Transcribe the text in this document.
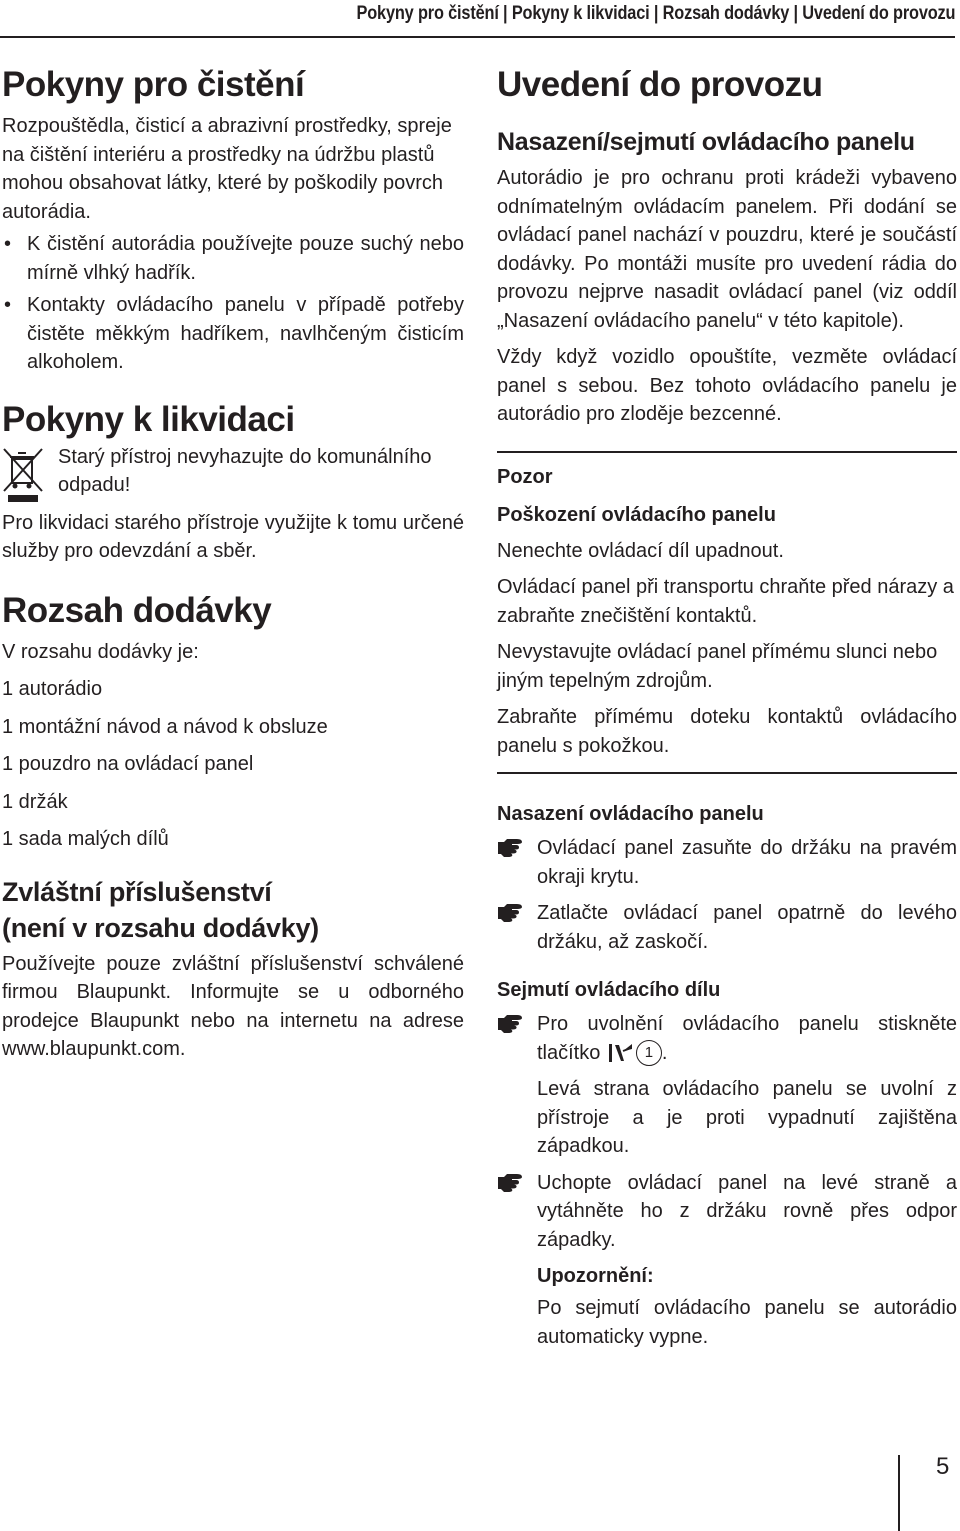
Pokyny pro čistění | Pokyny k likvidaci | Rozsah dodávky | Uvedení do provozu
Pokyny pro čistění

Rozpouštědla, čisticí a abrazivní prostředky, spreje na čištění interiéru a prostředky na údržbu plastů mohou obsahovat látky, které by poškodily povrch autorádia.

• K čistění autorádia používejte pouze suchý nebo mírně vlhký hadřík.
• Kontakty ovládacího panelu v případě potřeby čistěte měkkým hadříkem, navlhčeným čisticím alkoholem.
Pokyny k likvidaci

Starý přístroj nevyhazujte do komunálního odpadu!

Pro likvidaci starého přístroje využijte k tomu určené služby pro odevzdání a sběr.

Rozsah dodávky

V rozsahu dodávky je:

1 autorádio

1 montážní návod a návod k obsluze

1 pouzdro na ovládací panel

1 držák

1 sada malých dílů

Zvláštní příslušenství
(není v rozsahu dodávky)

Používejte pouze zvláštní příslušenství schválené firmou Blaupunkt. Informujte se u odborného prodejce Blaupunkt nebo na internetu na adrese www.blaupunkt.com.

Uvedení do provozu
Nasazení/sejmutí ovládacího panelu

Autorádio je pro ochranu proti krádeži vybaveno odnímatelným ovládacím panelem. Při dodání se ovládací panel nachází v pouzdru, které je součástí dodávky. Po montáži musíte pro uvedení rádia do provozu nejprve nasadit ovládací panel (viz oddíl „Nasazení ovládacího panelu“ v této kapitole).

Vždy když vozidlo opouštíte, vezměte ovládací panel s sebou. Bez tohoto ovládacího panelu je autorádio pro zloděje bezcenné.

Pozor
Poškození ovládacího panelu

Nenechte ovládací díl upadnout.

Ovládací panel při transportu chraňte před nárazy a zabraňte znečištění kontaktů.

Nevystavujte ovládací panel přímému slunci nebo jiným tepelným zdrojům.

Zabraňte přímému doteku kontaktů ovládacího panelu s pokožkou.

Nasazení ovládacího panelu
Ovládací panel zasuňte do držáku na pravém okraji krytu.
Zatlačte ovládací panel opatrně do levého držáku, až zaskočí.
Sejmutí ovládacího dílu
Pro uvolnění ovládacího panelu stiskněte tlačítko	1 .
Levá strana ovládacího panelu se uvolní z přístroje a je proti vypadnutí zajištěna západkou.
Uchopte ovládací panel na levé straně a vytáhněte ho z držáku rovně přes odpor západky.
Upozornění:
Po sejmutí ovládacího panelu se autorádio automaticky vypne.
5
